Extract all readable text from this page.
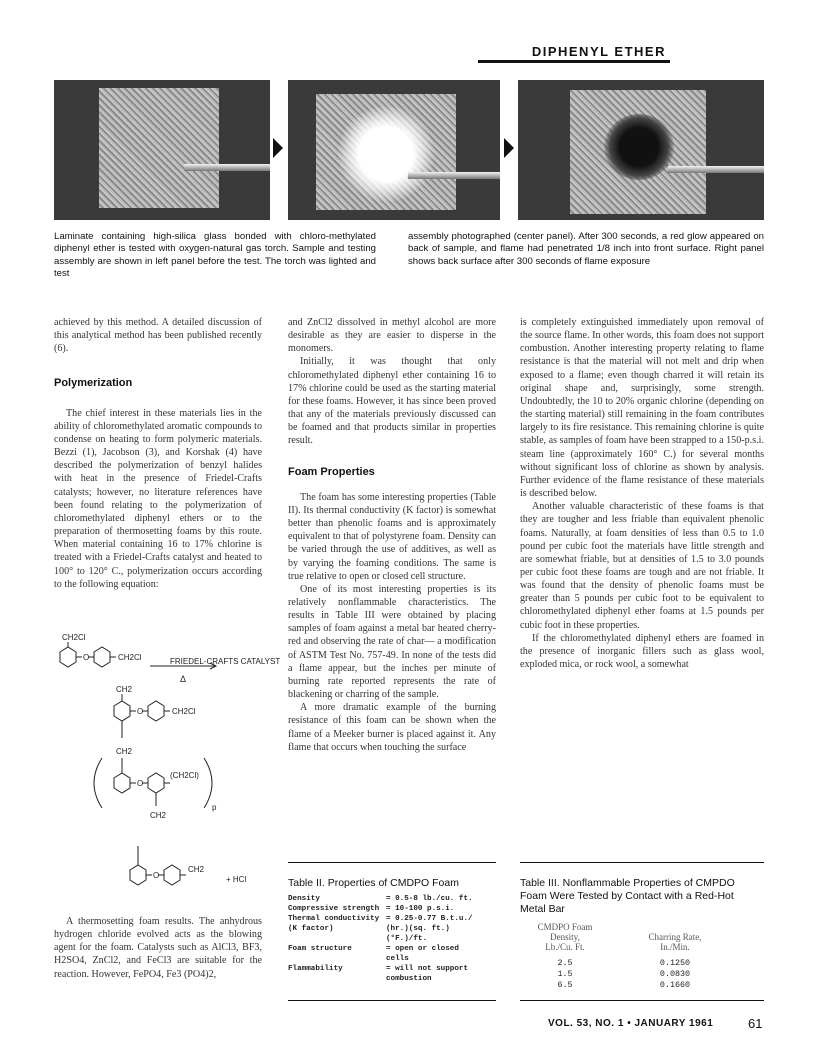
DIPHENYL ETHER
Laminate containing high-silica glass bonded with chloro-methylated diphenyl ether is tested with oxygen-natural gas torch. Sample and testing assembly are shown in left panel before the test. The torch was lighted and test
assembly photographed (center panel). After 300 seconds, a red glow appeared on back of sample, and flame had penetrated 1/8 inch into front surface. Right panel shows back surface after 300 seconds of flame exposure

achieved by this method. A detailed discussion of this analytical method has been published recently (6).

Polymerization

The chief interest in these materials lies in the ability of chloromethylated aromatic compounds to condense on heating to form polymeric materials. Bezzi (1), Jacobson (3), and Korshak (4) have described the polymerization of benzyl halides with heat in the presence of Friedel-Crafts catalysts; however, no literature references have been found relating to the polymerization of chloromethylated diphenyl ethers or to the preparation of thermosetting foams by this route. When material containing 16 to 17% chlorine is treated with a Friedel-Crafts catalyst and heated to 100° to 120° C., polymerization occurs according to the following equation:

CH2Cl
O	CH2Cl	FRIEDEL-CRAFTS CATALYST
Δ
CH2
O	CH2Cl
CH2
O
(CH2Cl)
p
CH2
O
CH2
+ HCl

A thermosetting foam results. The anhydrous hydrogen chloride evolved acts as the blowing agent for the foam. Catalysts such as AlCl3, BF3, H2SO4, ZnCl2, and FeCl3 are suitable for the reaction. However, FePO4, Fe3 (PO4)2,

and ZnCl2 dissolved in methyl alcohol are more desirable as they are easier to disperse in the monomers.

Initially, it was thought that only chloromethylated diphenyl ether containing 16 to 17% chlorine could be used as the starting material for these foams. However, it has since been proved that any of the materials previously discussed can be foamed and that products similar in properties result.

Foam Properties

The foam has some interesting properties (Table II). Its thermal conductivity (K factor) is somewhat better than phenolic foams and is approximately equivalent to that of polystyrene foam. Density can be varied through the use of additives, as well as by varying the foaming conditions. The same is true relative to open or closed cell structure.

One of its most interesting properties is its relatively nonflammable characteristics. The results in Table III were obtained by placing samples of foam against a metal bar heated cherry-red and observing the rate of char— a modification of ASTM Test No. 757-49. In none of the tests did a flame appear, but the inches per minute of burning rate reported represents the rate of blackening or charring of the sample.

A more dramatic example of the burning resistance of this foam can be shown when the flame of a Meeker burner is placed against it. Any flame that occurs when touching the surface

is completely extinguished immediately upon removal of the source flame. In other words, this foam does not support combustion. Another interesting property relating to flame resistance is that the material will not melt and drip when exposed to a flame; even though charred it will retain its original shape and, surprisingly, some strength. Undoubtedly, the 10 to 20% organic chlorine (depending on the starting material) still remaining in the foam contributes largely to its fire resistance. This remaining chlorine is quite stable, as samples of foam have been strapped to a 150-p.s.i. steam line (approximately 160° C.) for several months without significant loss of chlorine as shown by analysis. Further evidence of the flame resistance of these materials is described below.

Another valuable characteristic of these foams is that they are tougher and less friable than equivalent phenolic foams. Naturally, at foam densities of less than 0.5 to 1.0 pound per cubic foot the materials have little strength and are somewhat friable, but at densities of 1.5 to 3.0 pounds per cubic foot these foams are tough and are not friable. It was found that the density of phenolic foams must be greater than 5 pounds per cubic foot to be equivalent to chloromethylated diphenyl ether foams at 1.5 pounds per cubic foot in these properties.

If the chloromethylated diphenyl ethers are foamed in the presence of inorganic fillers such as glass wool, exploded mica, or rock wool, a somewhat

Table II. Properties of CMDPO Foam
Density	= 0.5-8 lb./cu. ft.
Compressive strength = 10-100 p.s.i.
Thermal conductivity = 0.25-0.77 B.t.u./
(K factor)	(hr.)(sq. ft.)
(°F.)/ft.
Foam structure	= open or closed
cells
Flammability	= will not support
combustion
Table III. Nonflammable Properties of CMPDO Foam Were Tested by Contact with a Red-Hot Metal Bar
CMDPO Foam
Density,
Lb./Cu. Ft.

Charring Rate,
In./Min.
2.5	0.1250
1.5	0.0830
6.5	0.1660
VOL. 53, NO. 1 • JANUARY 1961	61
